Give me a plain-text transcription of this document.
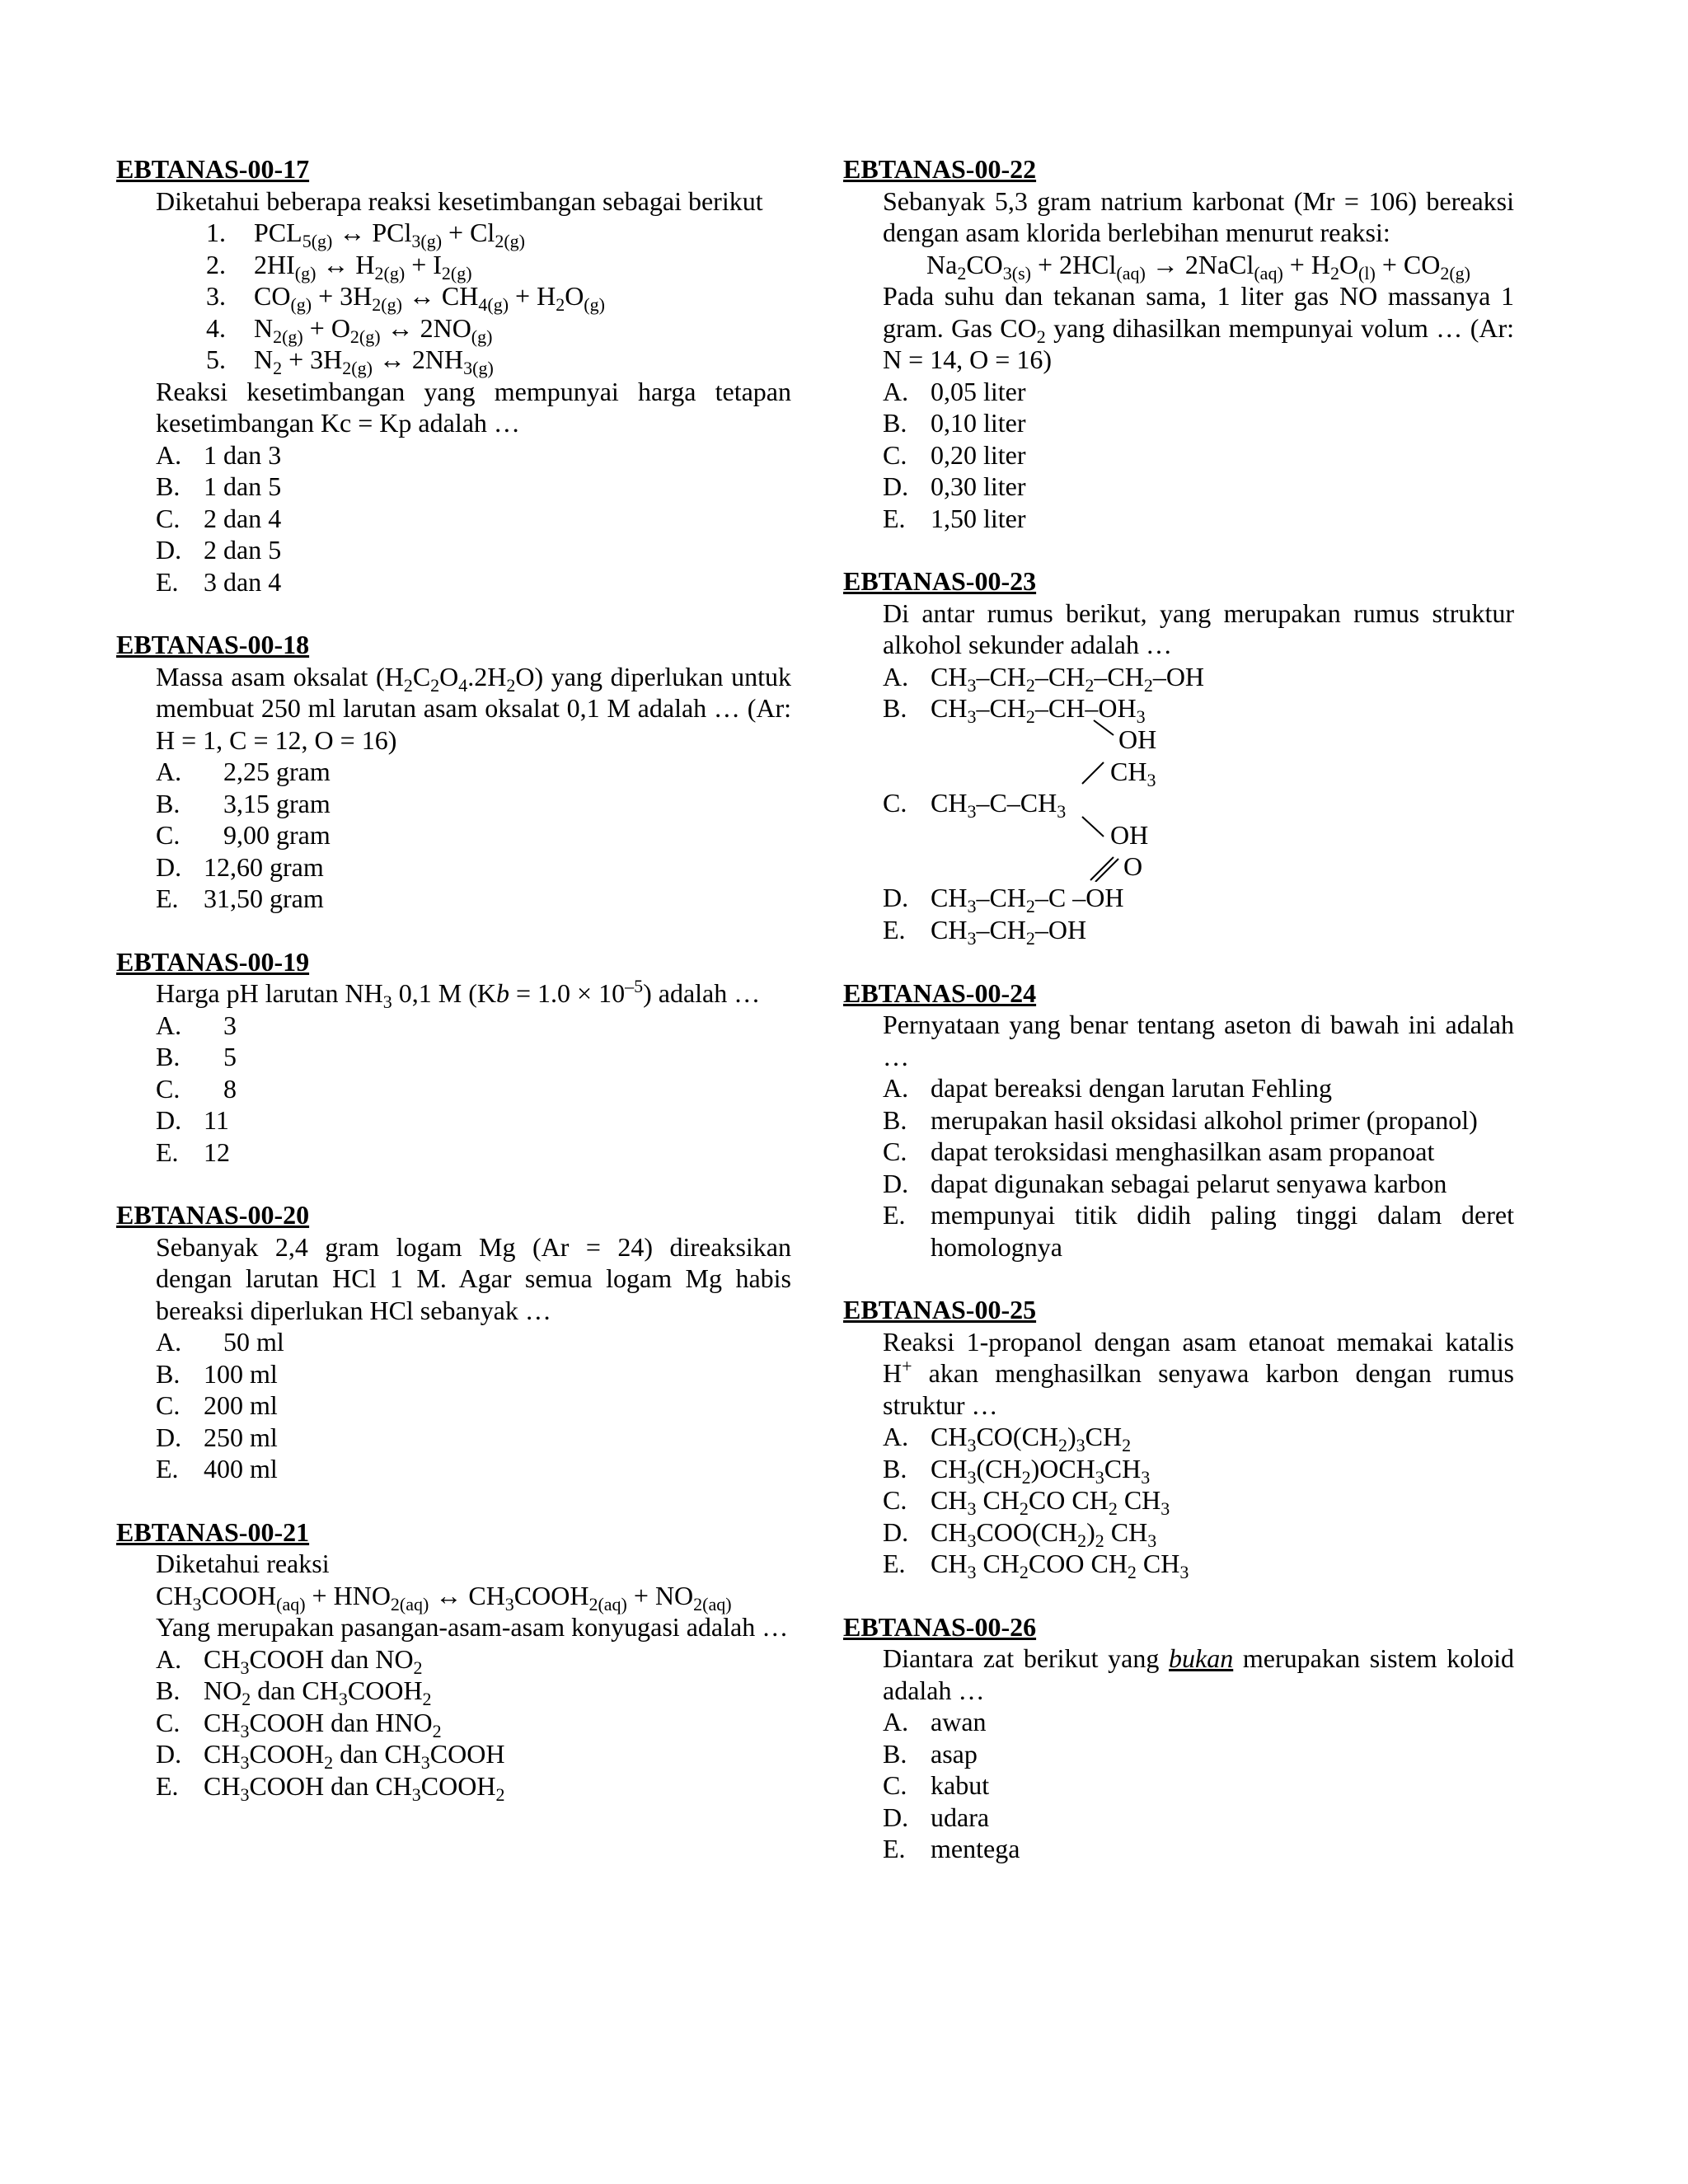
EBTANAS-00-17
Diketahui beberapa reaksi kesetimbangan sebagai berikut
1.	$PCL_{5(g)}$ ↔ $PCl_{3(g)} + Cl_{2(g)}$
2.	$2HI_{(g)}$ ↔ $H_{2(g)} + I_{2(g)}$
3.	$CO_{(g)} + 3H_{2(g)}$ ↔ $CH_{4(g)} + H_2O_{(g)}$
4.	$N_{2(g)} + O_{2(g)}$ ↔ $2NO_{(g)}$
5.	$N_2 + 3H_{2(g)}$ ↔ $2NH_{3(g)}$
Reaksi kesetimbangan yang mempunyai harga tetapan kesetimbangan Kc = Kp adalah …
A. 1 dan 3
B. 1 dan 5
C. 2 dan 4
D. 2 dan 5
E. 3 dan 4
EBTANAS-00-18
Massa asam oksalat $(H_2C_2O_4.2H_2O)$ yang diperlukan untuk membuat 250 ml larutan asam oksalat 0,1 M adalah … (Ar: H = 1, C = 12, O = 16)
A.	2,25 gram
B.	3,15 gram
C.	9,00 gram
D. 12,60 gram
E. 31,50 gram
EBTANAS-00-19
Harga pH larutan $NH_3$ 0,1 M $(Kb = 1.0 \times 10^{-5})$ adalah …
A.	3
B.	5
C.	8
D. 11
E. 12
EBTANAS-00-20
Sebanyak 2,4 gram logam Mg (Ar = 24) direaksikan dengan larutan HCl 1 M. Agar semua logam Mg habis bereaksi diperlukan HCl sebanyak …
A.	50 ml
B. 100 ml
C. 200 ml
D. 250 ml
E. 400 ml
EBTANAS-00-21
Diketahui reaksi
$CH_3COOH_{(aq)} + HNO_{2(aq)}$ ↔ $CH_3COOH_{2(aq)} + NO_{2(aq)}$
Yang merupakan pasangan-asam-asam konyugasi adalah …
A. $CH_3COOH$ dan $NO_2$
B. $NO_2$ dan $CH_3COOH_2$
C. $CH_3COOH$ dan $HNO_2$
D. $CH_3COOH_2$ dan $CH_3COOH$
E. $CH_3COOH$ dan $CH_3COOH_2$
EBTANAS-00-22
Sebanyak 5,3 gram natrium karbonat (Mr = 106) bereaksi dengan asam klorida berlebihan menurut reaksi:
$Na_2CO_{3(s)} + 2HCl_{(aq)}$ → 2NaCl$_{(aq)}$ + $H_2O_{(l)} + CO_{2(g)}$
Pada suhu dan tekanan sama, 1 liter gas NO massanya 1 gram. Gas $CO_2$ yang dihasilkan mempunyai volum … (Ar: N = 14, O = 16)
A. 0,05 liter
B. 0,10 liter
C. 0,20 liter
D. 0,30 liter
E. 1,50 liter
EBTANAS-00-23
Di antar rumus berikut, yang merupakan rumus struktur alkohol sekunder adalah …
A. $CH_3-CH_2-CH_2-CH_2-OH$
B. $CH_3-CH_2-CH-OH_3$
OH
$CH_3$
C. $CH_3-C-CH_3$
OH
O
D. $CH_3-CH_2-C$ –OH
E. $CH_3-CH_2-OH$
EBTANAS-00-24
Pernyataan yang benar tentang aseton di bawah ini adalah …
A. dapat bereaksi dengan larutan Fehling
B. merupakan hasil oksidasi alkohol primer (propanol)
C. dapat teroksidasi menghasilkan asam propanoat
D. dapat digunakan sebagai pelarut senyawa karbon
E. mempunyai titik didih paling tinggi dalam deret homolognya
EBTANAS-00-25
Reaksi 1-propanol dengan asam etanoat memakai katalis H+ akan menghasilkan senyawa karbon dengan rumus struktur …
A. $CH_3CO(CH_2)_3CH_2$
B. $CH_3(CH_2)OCH_3CH_3$
C. $CH_3$ $CH_2CO$ $CH_2$ $CH_3$
D. $CH_3COO(CH_2)_2$ $CH_3$
E. $CH_3$ $CH_2COO$ $CH_2$ $CH_3$
EBTANAS-00-26
Diantara zat berikut yang bukan merupakan sistem koloid adalah …
A. awan
B. asap
C. kabut
D. udara
E. mentega
